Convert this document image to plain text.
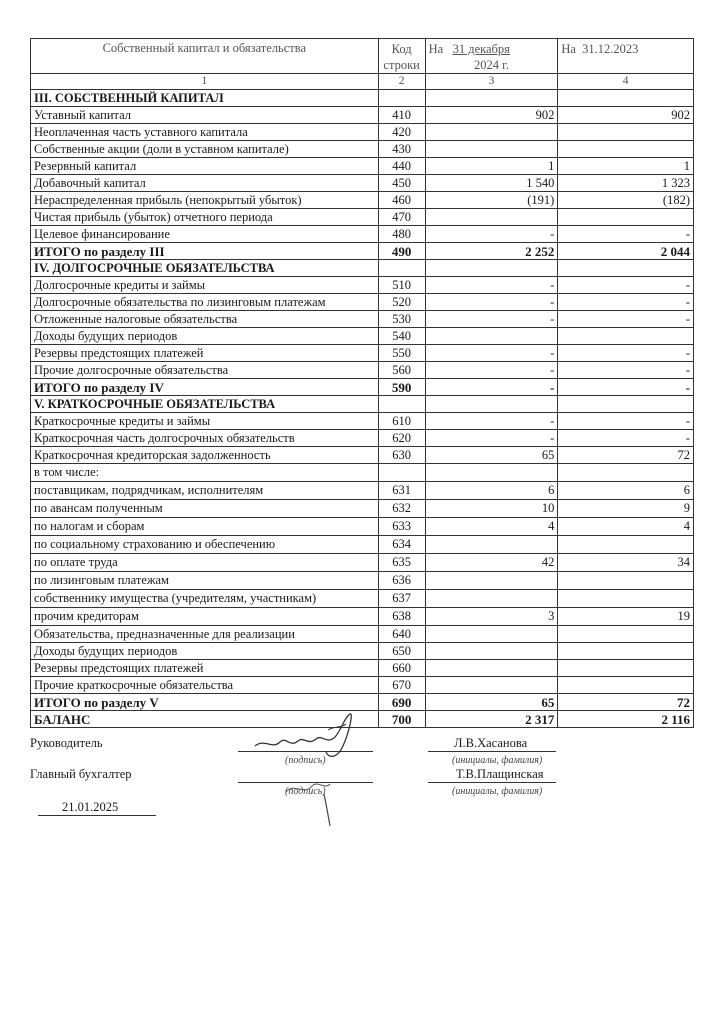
Собственный капитал и обязательства	Код
строки	На 31 декабря
2024 г.	На 31.12.2023

1	2	3	4
III. СОБСТВЕННЫЙ КАПИТАЛ			
Уставный капитал	410	902	902
Неоплаченная часть уставного капитала	420		
Собственные акции (доли в уставном капитале)	430		
Резервный капитал	440	1	1
Добавочный капитал	450	1 540	1 323
Нераспределенная прибыль (непокрытый убыток)	460	(191)	(182)
Чистая прибыль (убыток) отчетного периода	470		
Целевое финансирование	480	-	-
ИТОГО по разделу III	490	2 252	2 044
IV. ДОЛГОСРОЧНЫЕ ОБЯЗАТЕЛЬСТВА			
Долгосрочные кредиты и займы	510	-	-
Долгосрочные обязательства по лизинговым платежам	520	-	-
Отложенные налоговые обязательства	530	-	-
Доходы будущих периодов	540		
Резервы предстоящих платежей	550	-	-
Прочие долгосрочные обязательства	560	-	-
ИТОГО по разделу IV	590	-	-
V. КРАТКОСРОЧНЫЕ ОБЯЗАТЕЛЬСТВА			
Краткосрочные кредиты и займы	610	-	-
Краткосрочная часть долгосрочных обязательств	620	-	-
Краткосрочная кредиторская задолженность	630	65	72
в том числе:			
поставщикам, подрядчикам, исполнителям	631	6	6
по авансам полученным	632	10	9
по налогам и сборам	633	4	4
по социальному страхованию и обеспечению	634		
по оплате труда	635	42	34
по лизинговым платежам	636		
собственнику имущества (учредителям, участникам)	637		
прочим кредиторам	638	3	19
Обязательства, предназначенные для реализации	640		
Доходы будущих периодов	650		
Резервы предстоящих платежей	660		
Прочие краткосрочные обязательства	670		
ИТОГО по разделу V	690	65	72
БАЛАНС	700	2 317	2 116
Руководитель
(подпись)
Л.В.Хасанова
(инициалы, фамилия)
Главный бухгалтер
(подпись)
Т.В.Плащинская
(инициалы, фамилия)
21.01.2025
